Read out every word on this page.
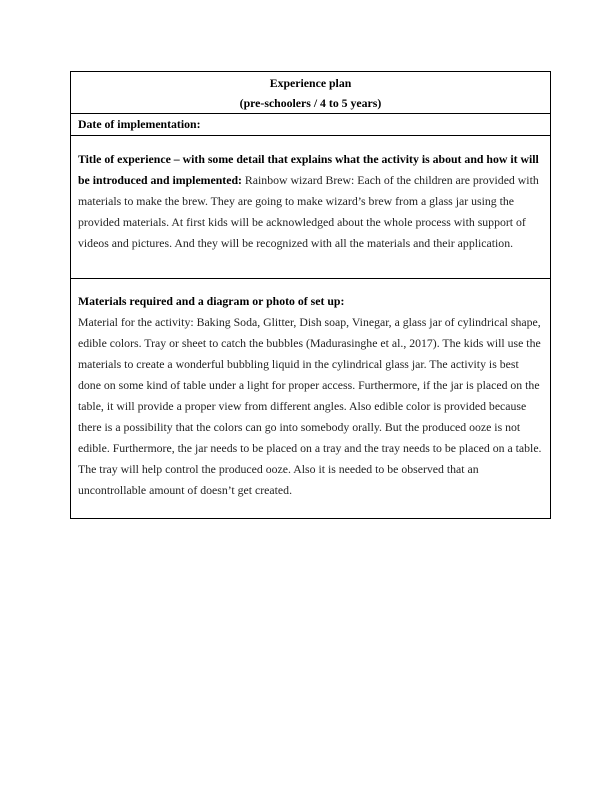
Experience plan
(pre-schoolers / 4 to 5 years)
Date of implementation:

Title of experience – with some detail that explains what the activity is about and how it will be introduced and implemented: Rainbow wizard Brew: Each of the children are provided with materials to make the brew. They are going to make wizard’s brew from a glass jar using the provided materials. At first kids will be acknowledged about the whole process with support of videos and pictures. And they will be recognized with all the materials and their application.

Materials required and a diagram or photo of set up:
Material for the activity: Baking Soda, Glitter, Dish soap, Vinegar, a glass jar of cylindrical shape, edible colors. Tray or sheet to catch the bubbles (Madurasinghe et al., 2017). The kids will use the materials to create a wonderful bubbling liquid in the cylindrical glass jar. The activity is best done on some kind of table under a light for proper access. Furthermore, if the jar is placed on the table, it will provide a proper view from different angles. Also edible color is provided because there is a possibility that the colors can go into somebody orally. But the produced ooze is not edible. Furthermore, the jar needs to be placed on a tray and the tray needs to be placed on a table. The tray will help control the produced ooze. Also it is needed to be observed that an uncontrollable amount of doesn’t get created.
